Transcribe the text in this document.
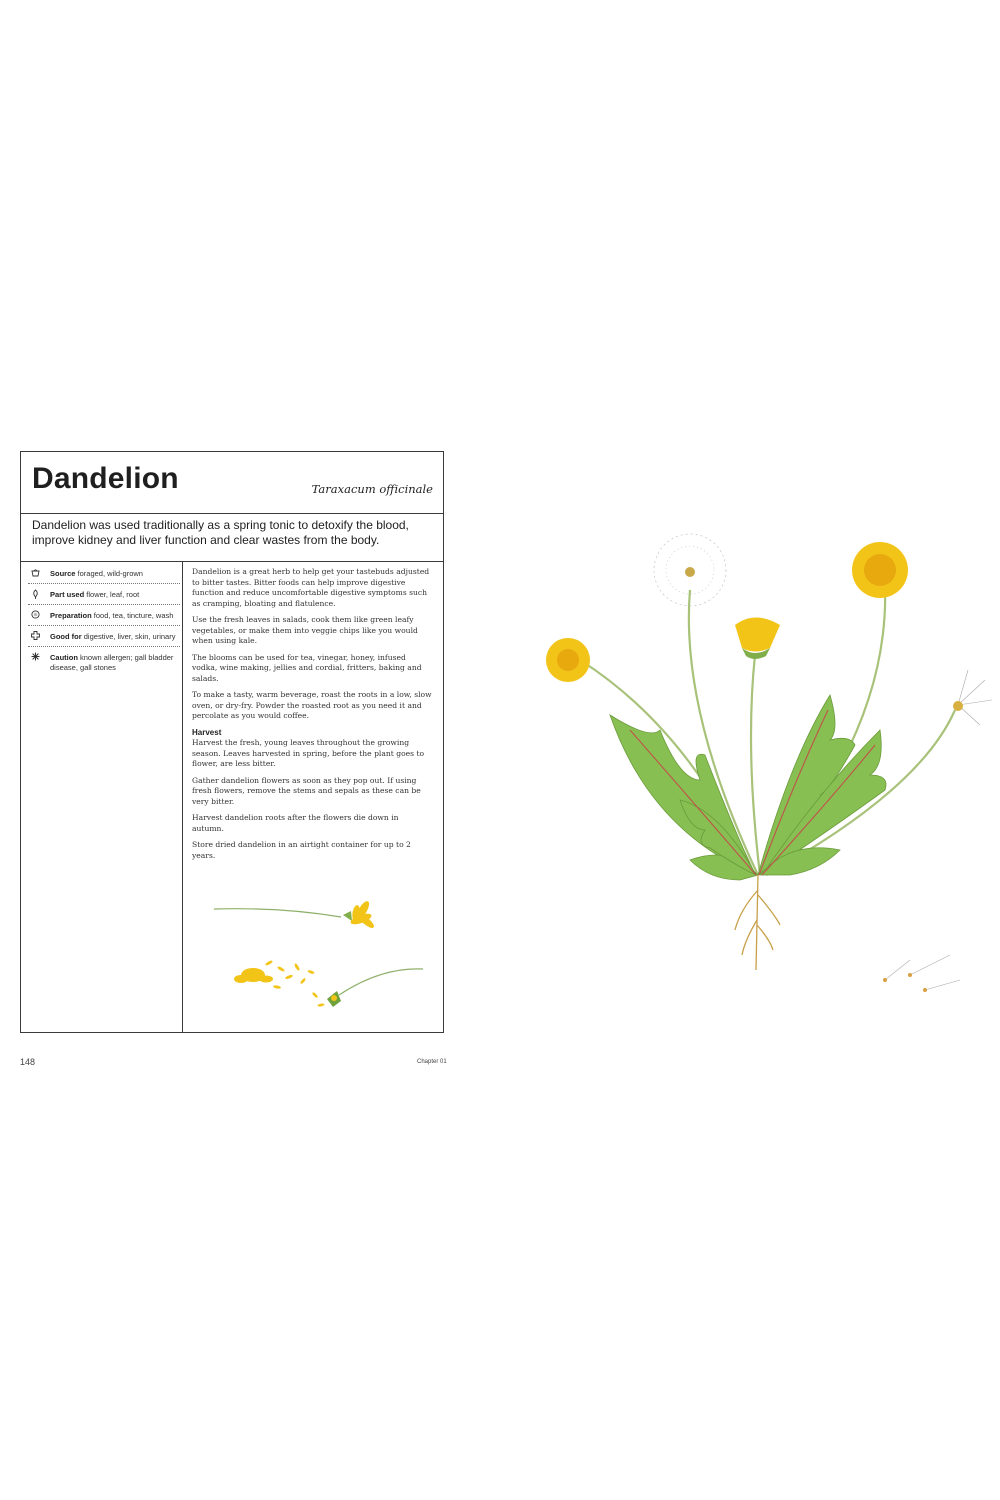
Dandelion	Taraxacum officinale
Dandelion was used traditionally as a spring tonic to detoxify the blood, improve kidney and liver function and clear wastes from the body.
Source foraged, wild-grown
Part used flower, leaf, root
Preparation food, tea, tincture, wash
Good for digestive, liver, skin, urinary
Caution known allergen; gall bladder disease, gall stones

Dandelion is a great herb to help get your tastebuds adjusted to bitter tastes. Bitter foods can help improve digestive function and reduce uncomfortable digestive symptoms such as cramping, bloating and flatulence.

Use the fresh leaves in salads, cook them like green leafy vegetables, or make them into veggie chips like you would when using kale.

The blooms can be used for tea, vinegar, honey, infused vodka, wine making, jellies and cordial, fritters, baking and salads.

To make a tasty, warm beverage, roast the roots in a low, slow oven, or dry-fry. Powder the roasted root as you need it and percolate as you would coffee.

Harvest

Harvest the fresh, young leaves throughout the growing season. Leaves harvested in spring, before the plant goes to flower, are less bitter.

Gather dandelion flowers as soon as they pop out. If using fresh flowers, remove the stems and sepals as these can be very bitter.

Harvest dandelion roots after the flowers die down in autumn.

Store dried dandelion in an airtight container for up to 2 years.

148	Chapter 01
